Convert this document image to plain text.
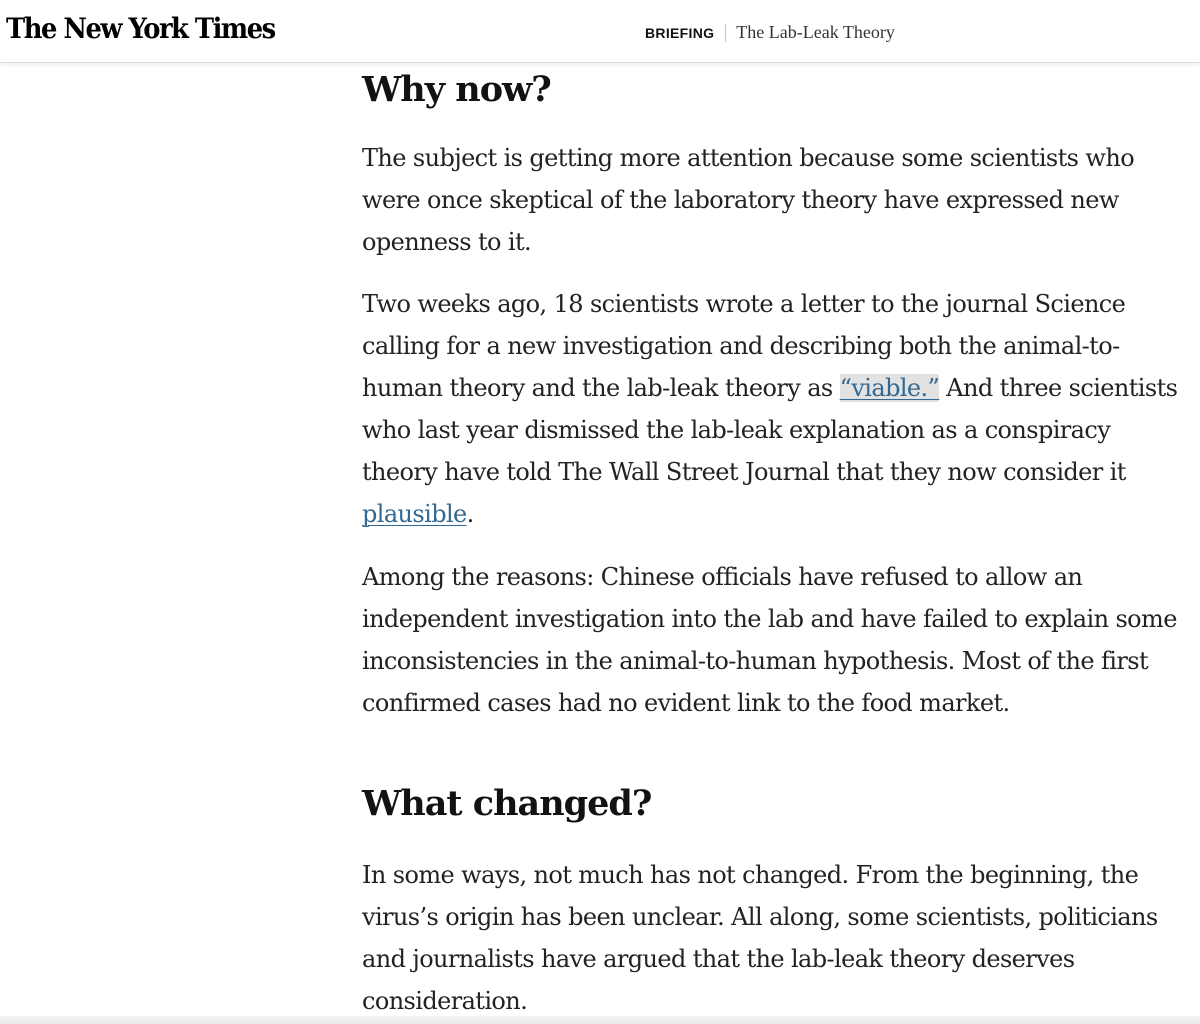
The New York Times	BRIEFING The Lab-Leak Theory
Why now?

The subject is getting more attention because some scientists who were once skeptical of the laboratory theory have expressed new openness to it.

Two weeks ago, 18 scientists wrote a letter to the journal Science calling for a new investigation and describing both the animal-to-human theory and the lab-leak theory as “viable.” And three scientists who last year dismissed the lab-leak explanation as a conspiracy theory have told The Wall Street Journal that they now consider it plausible.

Among the reasons: Chinese officials have refused to allow an independent investigation into the lab and have failed to explain some inconsistencies in the animal-to-human hypothesis. Most of the first confirmed cases had no evident link to the food market.

What changed?

In some ways, not much has not changed. From the beginning, the virus’s origin has been unclear. All along, some scientists, politicians and journalists have argued that the lab-leak theory deserves consideration.
